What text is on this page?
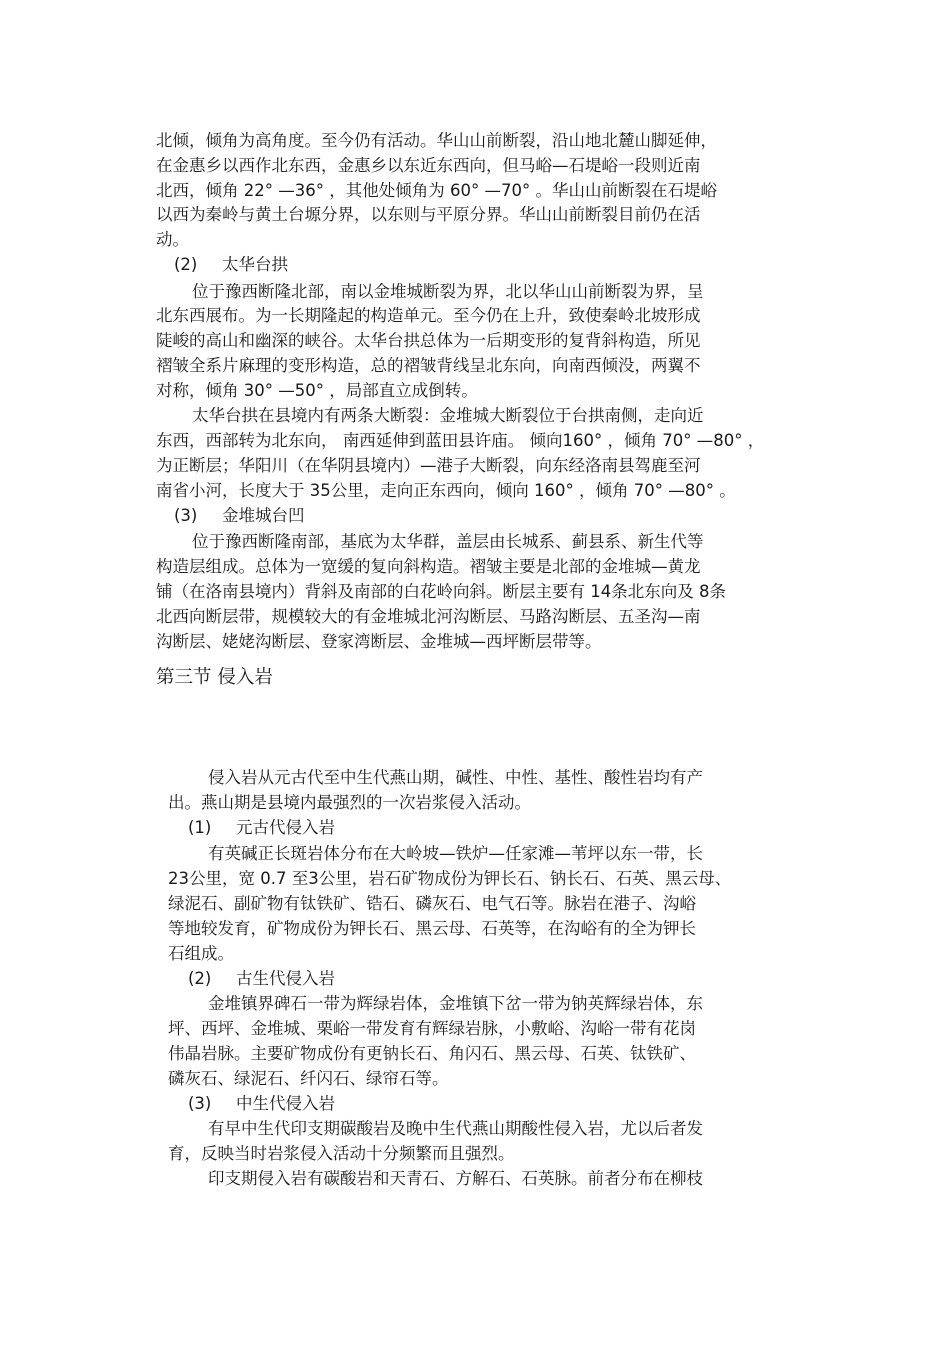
北倾，倾角为高角度。至今仍有活动。华山山前断裂，沿山地北麓山脚延伸，

在金惠乡以西作北东西，金惠乡以东近东西向，但马峪—石堤峪一段则近南

北西，倾角 22° —36° ，其他处倾角为 60° —70° 。华山山前断裂在石堤峪

以西为秦岭与黄土台塬分界，以东则与平原分界。华山山前断裂目前仍在活

动。

(2) 太华台拱

位于豫西断隆北部，南以金堆城断裂为界，北以华山山前断裂为界，呈

北东西展布。为一长期隆起的构造单元。至今仍在上升，致使秦岭北坡形成

陡峻的高山和幽深的峡谷。太华台拱总体为一后期变形的复背斜构造，所见

褶皱全系片麻理的变形构造，总的褶皱背线呈北东向，向南西倾没，两翼不

对称，倾角 30° —50° ，局部直立成倒转。

太华台拱在县境内有两条大断裂：金堆城大断裂位于台拱南侧，走向近

东西，西部转为北东向， 南西延伸到蓝田县许庙。 倾向160° ，倾角 70° —80° ，

为正断层；华阳川（在华阴县境内）—港子大断裂，向东经洛南县驾鹿至河

南省小河，长度大于 35公里，走向正东西向，倾向 160° ，倾角 70° —80° 。

(3) 金堆城台凹

位于豫西断隆南部，基底为太华群，盖层由长城系、蓟县系、新生代等

构造层组成。总体为一宽缓的复向斜构造。褶皱主要是北部的金堆城—黄龙

铺（在洛南县境内）背斜及南部的白花岭向斜。断层主要有 14条北东向及 8条

北西向断层带，规模较大的有金堆城北河沟断层、马路沟断层、五圣沟—南

沟断层、姥姥沟断层、登家湾断层、金堆城—西坪断层带等。

第三节 侵入岩

侵入岩从元古代至中生代燕山期，碱性、中性、基性、酸性岩均有产

出。燕山期是县境内最强烈的一次岩浆侵入活动。

(1) 元古代侵入岩

有英碱正长斑岩体分布在大岭坡—铁炉—任家滩—苇坪以东一带，长

23公里，宽 0.7 至3公里，岩石矿物成份为钾长石、钠长石、石英、黑云母、

绿泥石、副矿物有钛铁矿、锆石、磷灰石、电气石等。脉岩在港子、沟峪

等地较发育，矿物成份为钾长石、黑云母、石英等，在沟峪有的全为钾长

石组成。

(2) 古生代侵入岩

金堆镇界碑石一带为辉绿岩体，金堆镇下岔一带为钠英辉绿岩体，东

坪、西坪、金堆城、栗峪一带发育有辉绿岩脉，小敷峪、沟峪一带有花岗

伟晶岩脉。主要矿物成份有更钠长石、角闪石、黑云母、石英、钛铁矿、

磷灰石、绿泥石、纤闪石、绿帘石等。

(3) 中生代侵入岩

有早中生代印支期碳酸岩及晚中生代燕山期酸性侵入岩，尤以后者发

育，反映当时岩浆侵入活动十分频繁而且强烈。

印支期侵入岩有碳酸岩和天青石、方解石、石英脉。前者分布在柳枝
